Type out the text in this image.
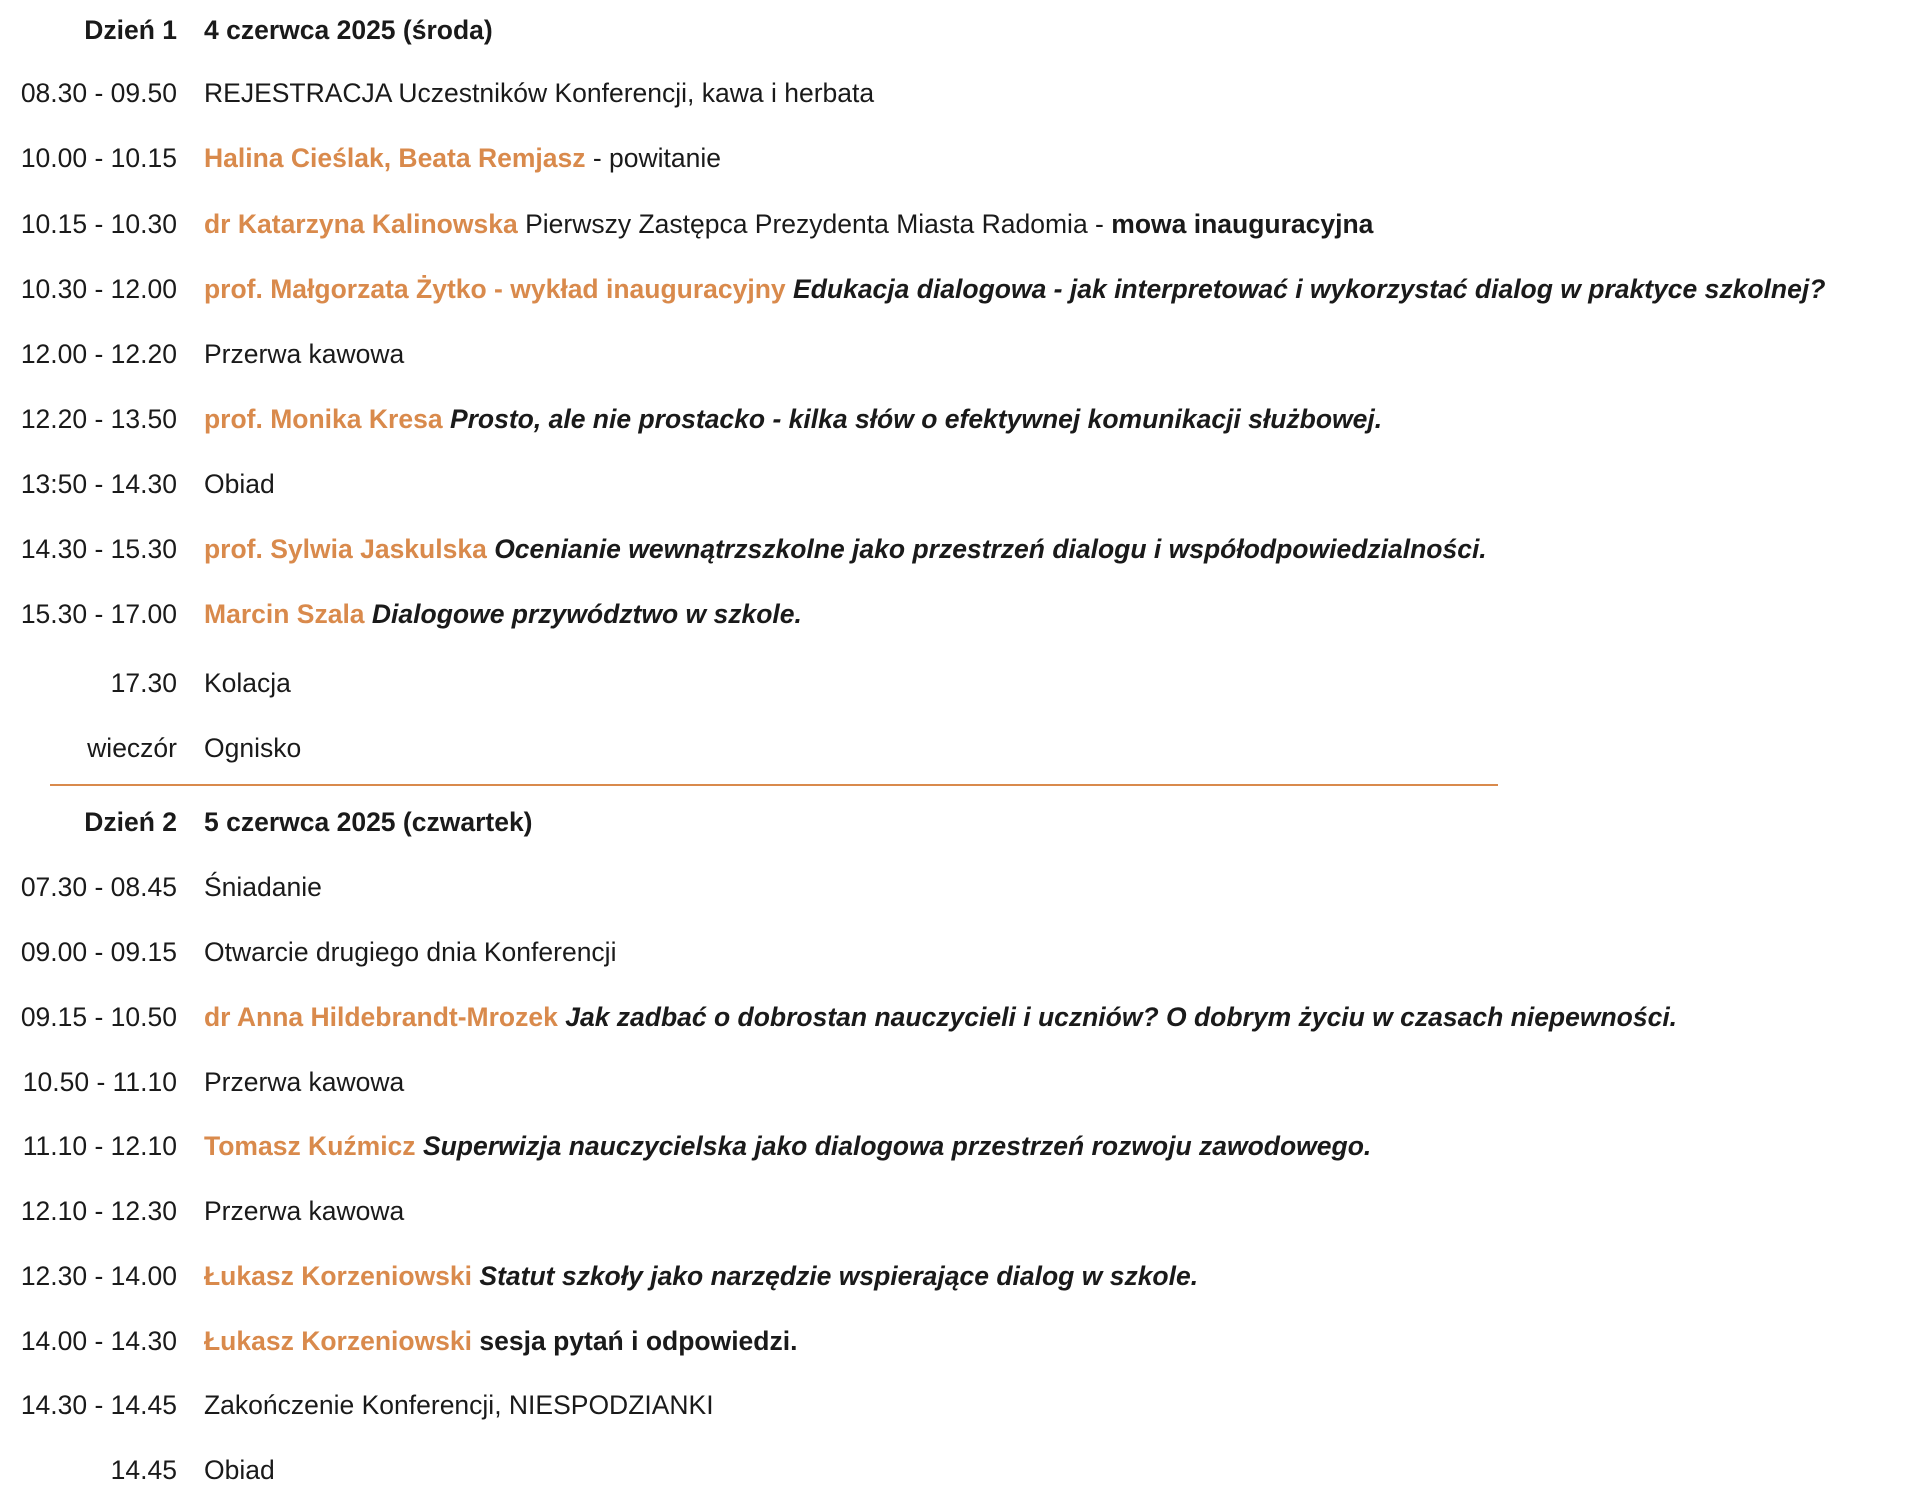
Dzień 1 4 czerwca 2025 (środa)
08.30 - 09.50 REJESTRACJA Uczestników Konferencji, kawa i herbata
10.00 - 10.15 Halina Cieślak, Beata Remjasz - powitanie
10.15 - 10.30 dr Katarzyna Kalinowska Pierwszy Zastępca Prezydenta Miasta Radomia - mowa inauguracyjna
10.30 - 12.00 prof. Małgorzata Żytko - wykład inauguracyjny Edukacja dialogowa - jak interpretować i wykorzystać dialog w praktyce szkolnej?
12.00 - 12.20 Przerwa kawowa
12.20 - 13.50 prof. Monika Kresa Prosto, ale nie prostacko - kilka słów o efektywnej komunikacji służbowej.
13:50 - 14.30 Obiad
14.30 - 15.30 prof. Sylwia Jaskulska Ocenianie wewnątrzszkolne jako przestrzeń dialogu i współodpowiedzialności.
15.30 - 17.00 Marcin Szala Dialogowe przywództwo w szkole.
17.30 Kolacja
wieczór Ognisko
Dzień 2 5 czerwca 2025 (czwartek)
07.30 - 08.45 Śniadanie
09.00 - 09.15 Otwarcie drugiego dnia Konferencji
09.15 - 10.50 dr Anna Hildebrandt-Mrozek Jak zadbać o dobrostan nauczycieli i uczniów? O dobrym życiu w czasach niepewności.
10.50 - 11.10 Przerwa kawowa
11.10 - 12.10 Tomasz Kuźmicz Superwizja nauczycielska jako dialogowa przestrzeń rozwoju zawodowego.
12.10 - 12.30 Przerwa kawowa
12.30 - 14.00 Łukasz Korzeniowski Statut szkoły jako narzędzie wspierające dialog w szkole.
14.00 - 14.30 Łukasz Korzeniowski sesja pytań i odpowiedzi.
14.30 - 14.45 Zakończenie Konferencji, NIESPODZIANKI
14.45 Obiad
